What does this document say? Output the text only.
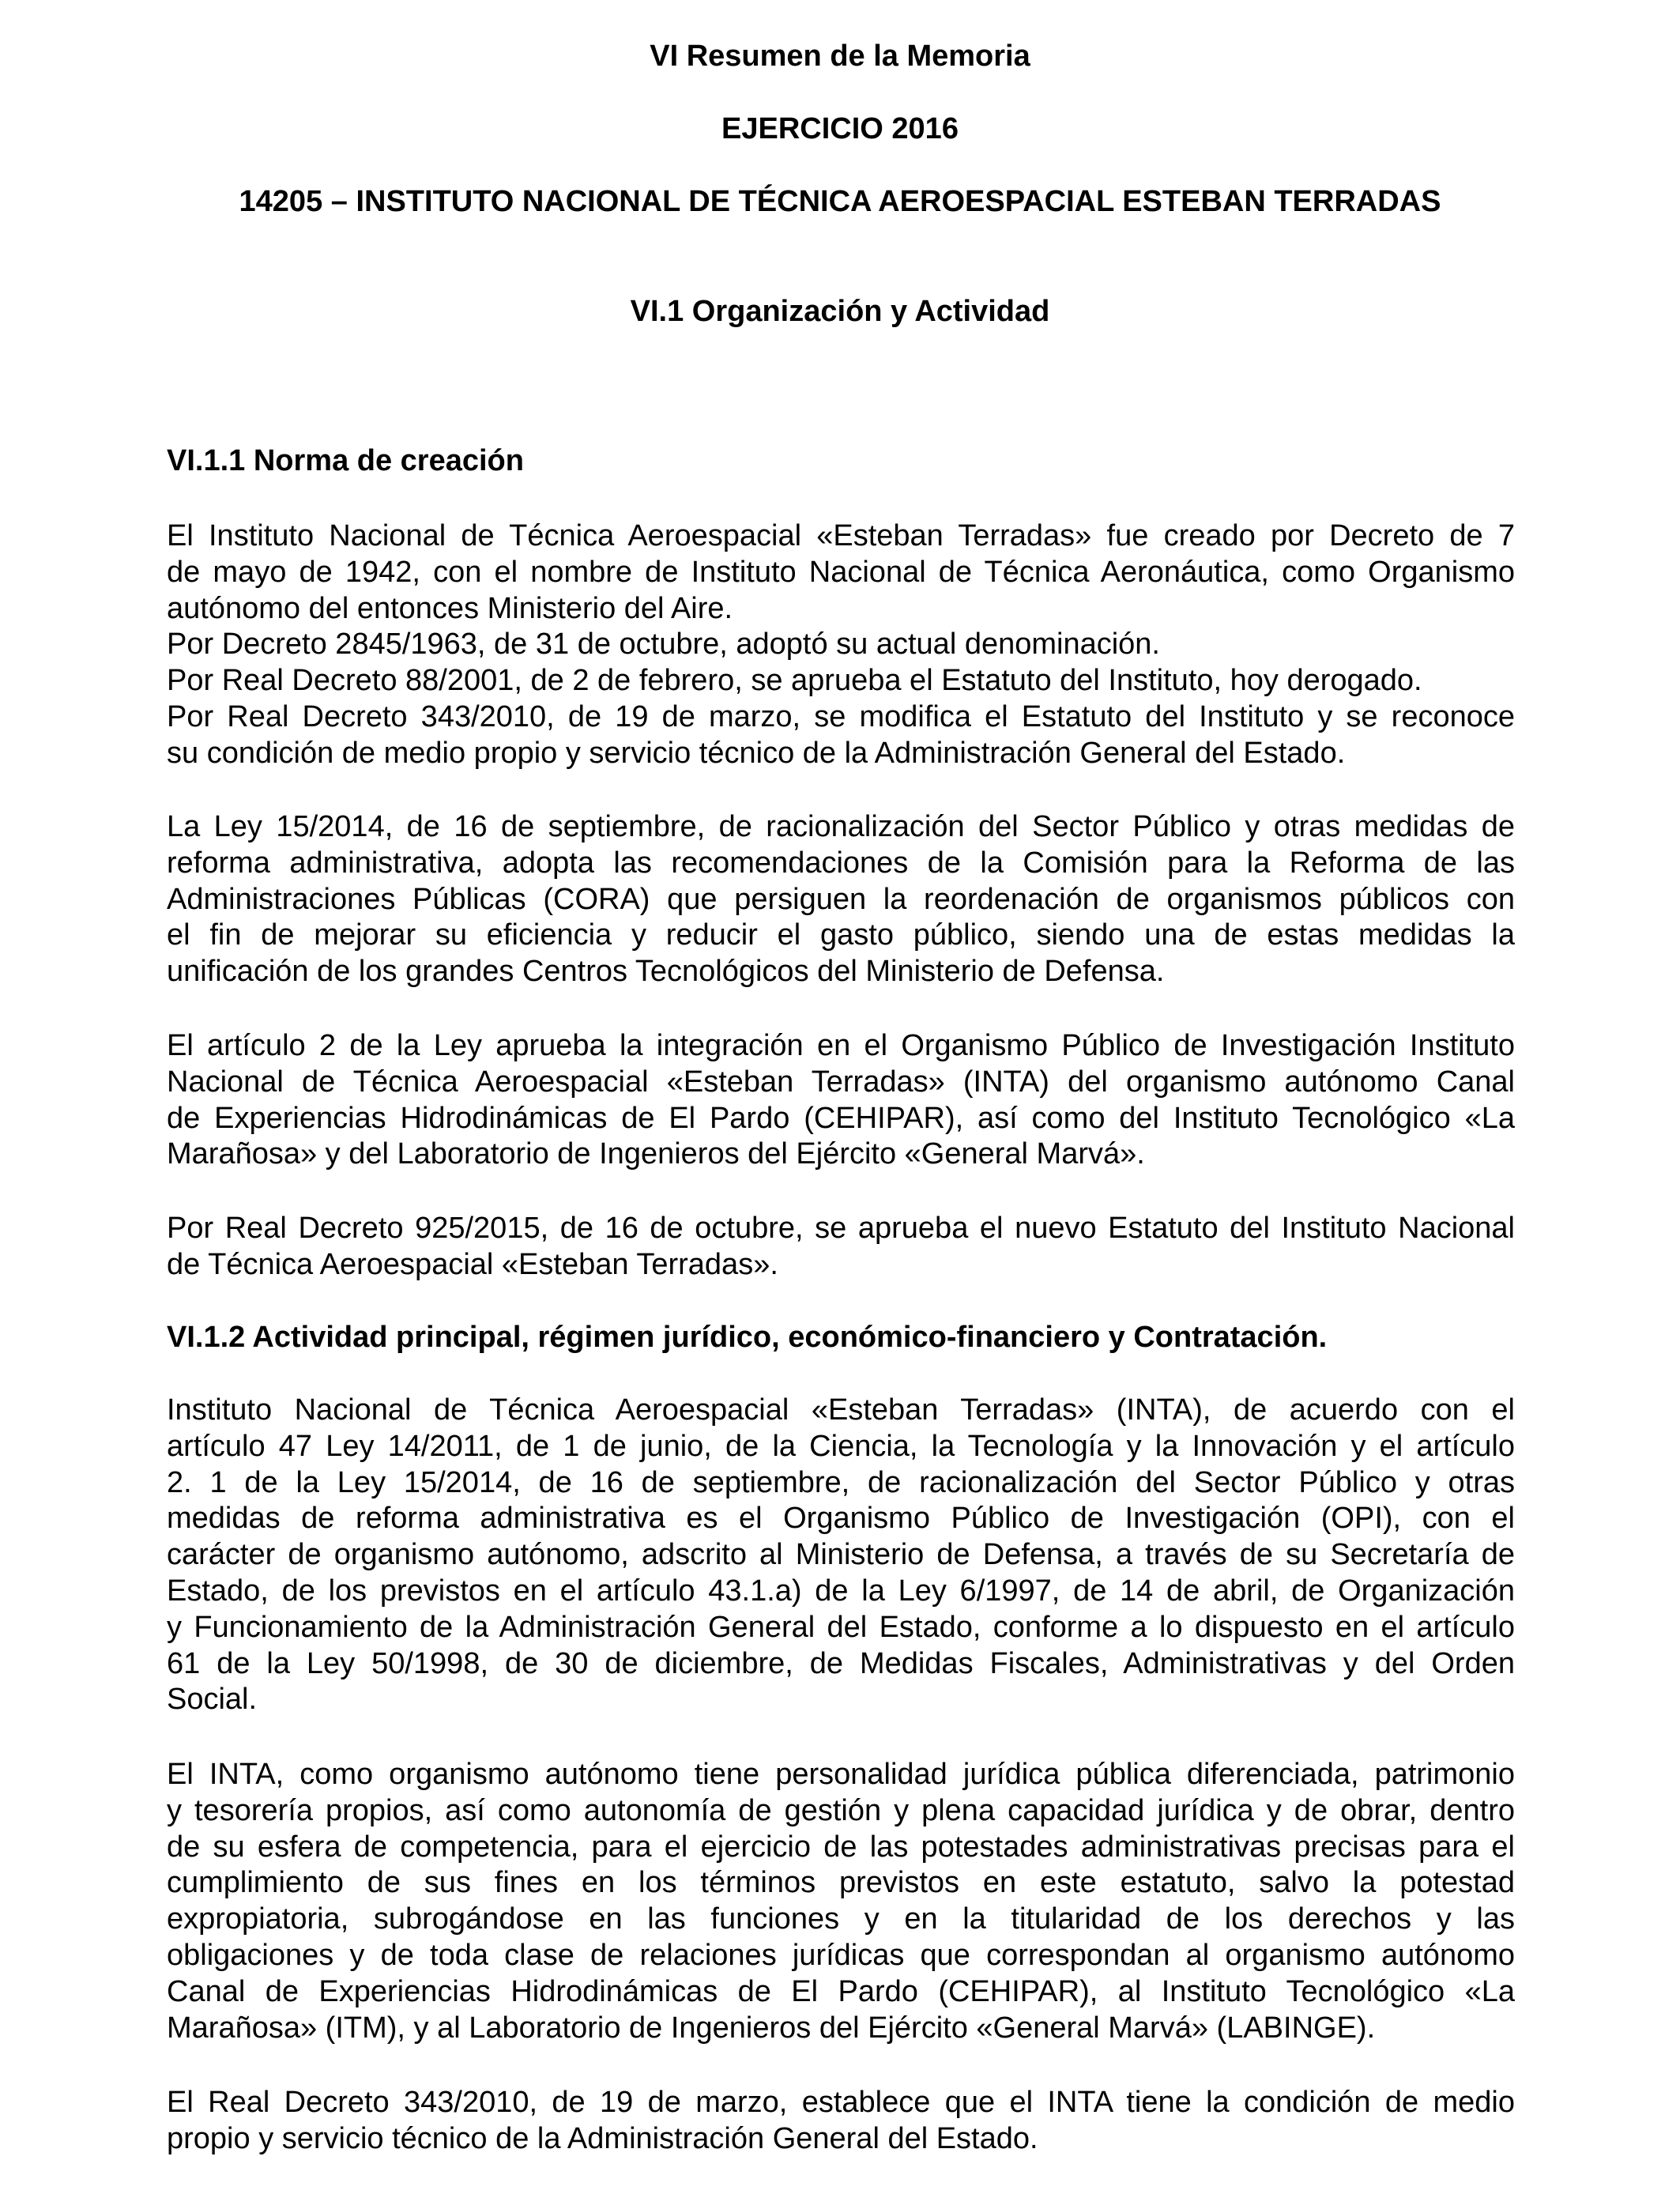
VI Resumen de la Memoria
EJERCICIO 2016
14205 – INSTITUTO NACIONAL DE TÉCNICA AEROESPACIAL ESTEBAN TERRADAS
VI.1 Organización y Actividad
VI.1.1 Norma de creación
El Instituto Nacional de Técnica Aeroespacial «Esteban Terradas» fue creado por Decreto de 7
de mayo de 1942, con el nombre de Instituto Nacional de Técnica Aeronáutica, como Organismo
autónomo del entonces Ministerio del Aire.
Por Decreto 2845/1963, de 31 de octubre, adoptó su actual denominación.
Por Real Decreto 88/2001, de 2 de febrero, se aprueba el Estatuto del Instituto, hoy derogado.
Por Real Decreto 343/2010, de 19 de marzo, se modifica el Estatuto del Instituto y se reconoce
su condición de medio propio y servicio técnico de la Administración General del Estado.
La Ley 15/2014, de 16 de septiembre, de racionalización del Sector Público y otras medidas de
reforma administrativa, adopta las recomendaciones de la Comisión para la Reforma de las
Administraciones Públicas (CORA) que persiguen la reordenación de organismos públicos con
el fin de mejorar su eficiencia y reducir el gasto público, siendo una de estas medidas la
unificación de los grandes Centros Tecnológicos del Ministerio de Defensa.
El artículo 2 de la Ley aprueba la integración en el Organismo Público de Investigación Instituto
Nacional de Técnica Aeroespacial «Esteban Terradas» (INTA) del organismo autónomo Canal
de Experiencias Hidrodinámicas de El Pardo (CEHIPAR), así como del Instituto Tecnológico «La
Marañosa» y del Laboratorio de Ingenieros del Ejército «General Marvá».
Por Real Decreto 925/2015, de 16 de octubre, se aprueba el nuevo Estatuto del Instituto Nacional
de Técnica Aeroespacial «Esteban Terradas».
VI.1.2 Actividad principal, régimen jurídico, económico-financiero y Contratación.
Instituto Nacional de Técnica Aeroespacial «Esteban Terradas» (INTA), de acuerdo con el
artículo 47 Ley 14/2011, de 1 de junio, de la Ciencia, la Tecnología y la Innovación y el artículo
2. 1 de la Ley 15/2014, de 16 de septiembre, de racionalización del Sector Público y otras
medidas de reforma administrativa es el Organismo Público de Investigación (OPI), con el
carácter de organismo autónomo, adscrito al Ministerio de Defensa, a través de su Secretaría de
Estado, de los previstos en el artículo 43.1.a) de la Ley 6/1997, de 14 de abril, de Organización
y Funcionamiento de la Administración General del Estado, conforme a lo dispuesto en el artículo
61 de la Ley 50/1998, de 30 de diciembre, de Medidas Fiscales, Administrativas y del Orden
Social.
El INTA, como organismo autónomo tiene personalidad jurídica pública diferenciada, patrimonio
y tesorería propios, así como autonomía de gestión y plena capacidad jurídica y de obrar, dentro
de su esfera de competencia, para el ejercicio de las potestades administrativas precisas para el
cumplimiento de sus fines en los términos previstos en este estatuto, salvo la potestad
expropiatoria, subrogándose en las funciones y en la titularidad de los derechos y las
obligaciones y de toda clase de relaciones jurídicas que correspondan al organismo autónomo
Canal de Experiencias Hidrodinámicas de El Pardo (CEHIPAR), al Instituto Tecnológico «La
Marañosa» (ITM), y al Laboratorio de Ingenieros del Ejército «General Marvá» (LABINGE).
El Real Decreto 343/2010, de 19 de marzo, establece que el INTA tiene la condición de medio
propio y servicio técnico de la Administración General del Estado.
